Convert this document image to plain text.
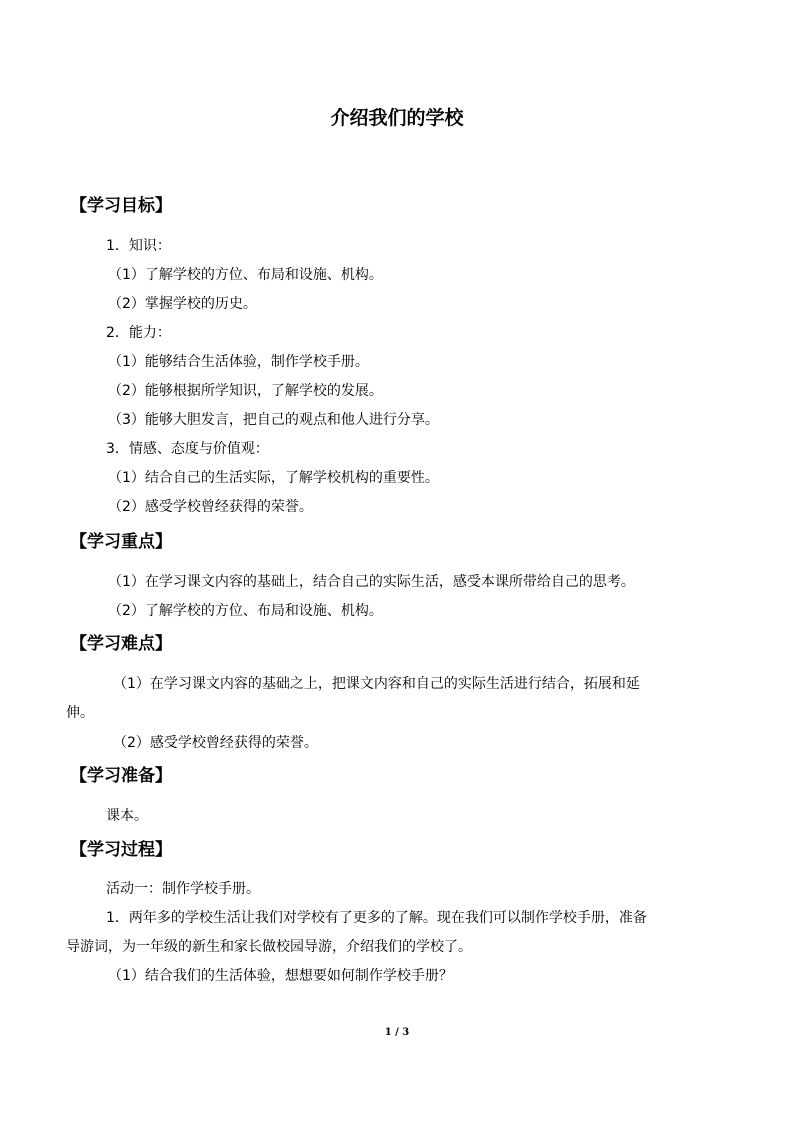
介绍我们的学校
【学习目标】
1．知识：
（1）了解学校的方位、布局和设施、机构。
（2）掌握学校的历史。
2．能力：
（1）能够结合生活体验，制作学校手册。
（2）能够根据所学知识，了解学校的发展。
（3）能够大胆发言，把自己的观点和他人进行分享。
3．情感、态度与价值观：
（1）结合自己的生活实际，了解学校机构的重要性。
（2）感受学校曾经获得的荣誉。
【学习重点】
（1）在学习课文内容的基础上，结合自己的实际生活，感受本课所带给自己的思考。
（2）了解学校的方位、布局和设施、机构。
【学习难点】
（1）在学习课文内容的基础之上，把课文内容和自己的实际生活进行结合，拓展和延
伸。
（2）感受学校曾经获得的荣誉。
【学习准备】
课本。
【学习过程】
活动一：制作学校手册。
1．两年多的学校生活让我们对学校有了更多的了解。现在我们可以制作学校手册，准备
导游词，为一年级的新生和家长做校园导游，介绍我们的学校了。
（1）结合我们的生活体验，想想要如何制作学校手册？
1 / 3
